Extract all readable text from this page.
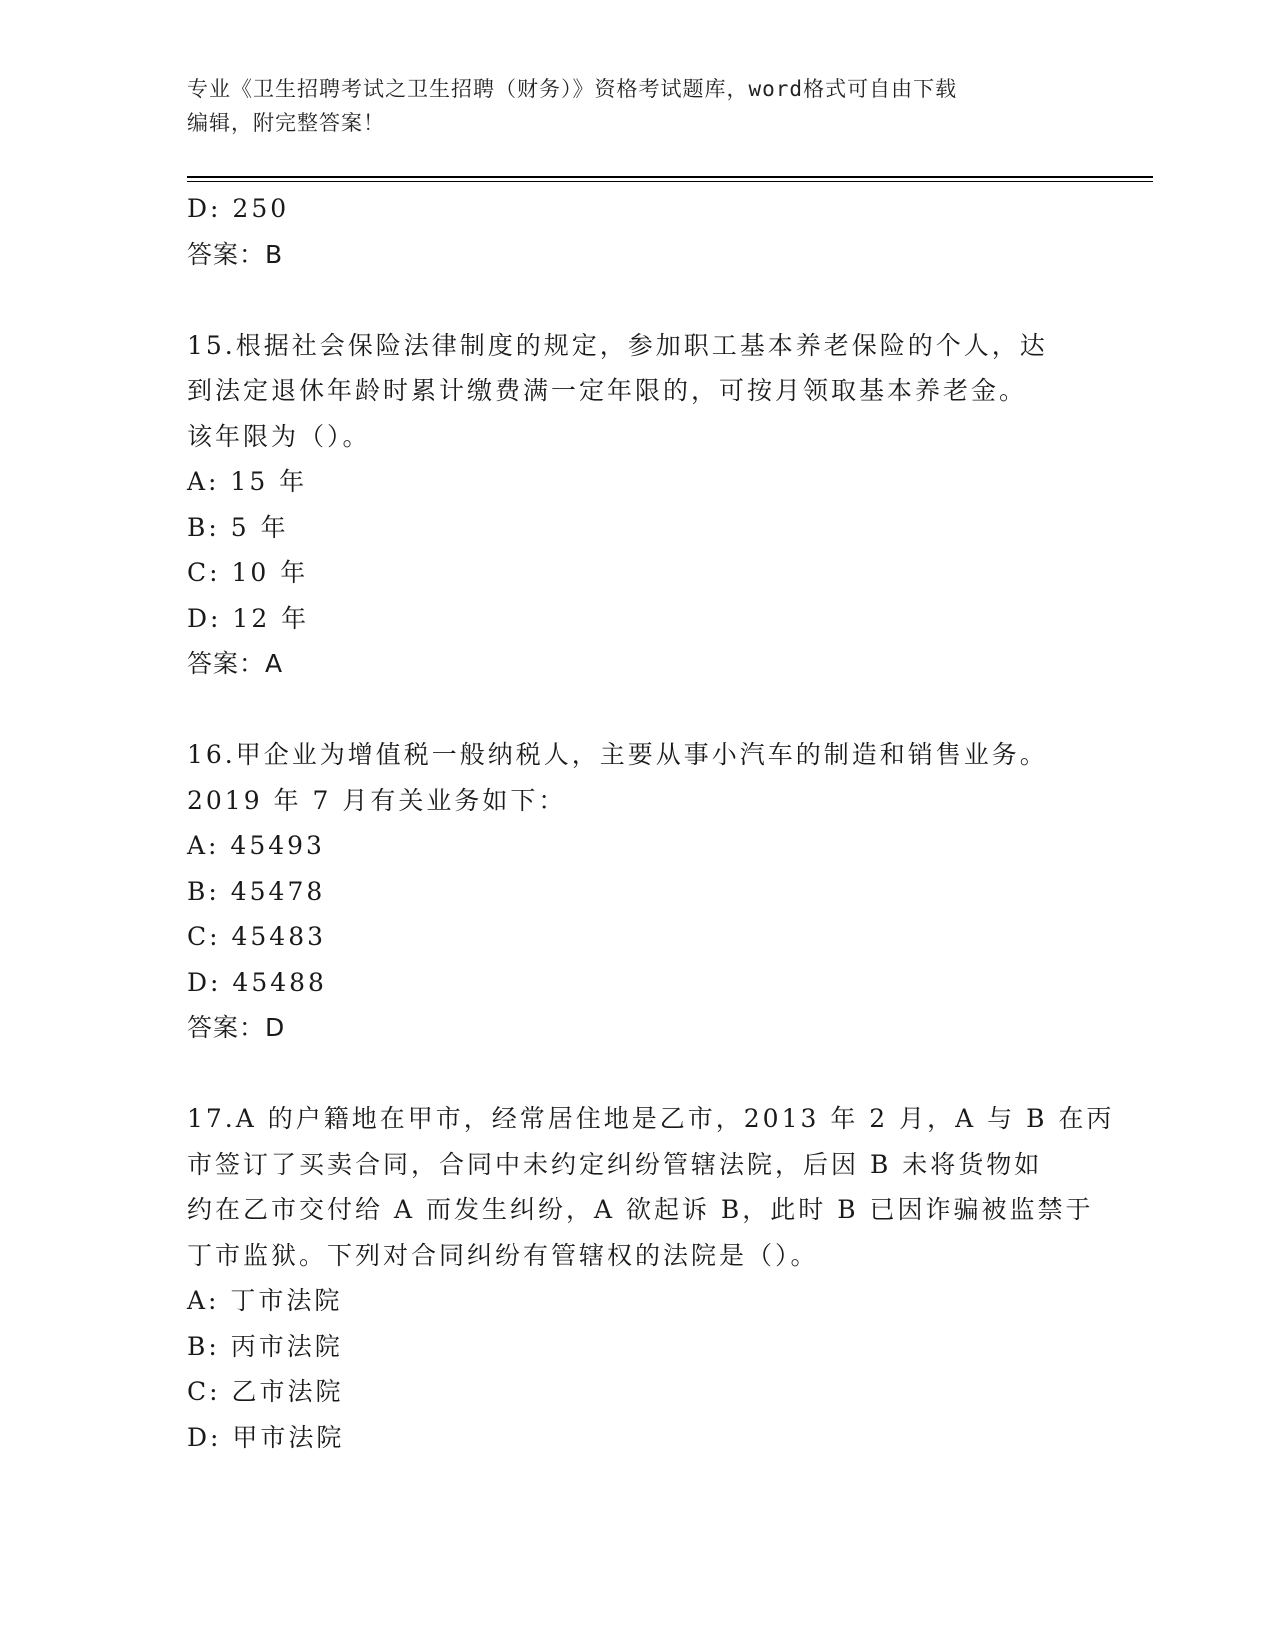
专业《卫生招聘考试之卫生招聘（财务）》资格考试题库，word格式可自由下载
编辑，附完整答案！
D: 250
答案：B
15.根据社会保险法律制度的规定，参加职工基本养老保险的个人，达
到法定退休年龄时累计缴费满一定年限的，可按月领取基本养老金。
该年限为（）。
A: 15 年
B: 5 年
C: 10 年
D: 12 年
答案：A
16.甲企业为增值税一般纳税人，主要从事小汽车的制造和销售业务。
2019 年 7 月有关业务如下：
A: 45493
B: 45478
C: 45483
D: 45488
答案：D
17.A 的户籍地在甲市，经常居住地是乙市，2013 年 2 月，A 与 B 在丙
市签订了买卖合同，合同中未约定纠纷管辖法院，后因 B 未将货物如
约在乙市交付给 A 而发生纠纷，A 欲起诉 B，此时 B 已因诈骗被监禁于
丁市监狱。下列对合同纠纷有管辖权的法院是（）。
A: 丁市法院
B: 丙市法院
C: 乙市法院
D: 甲市法院
